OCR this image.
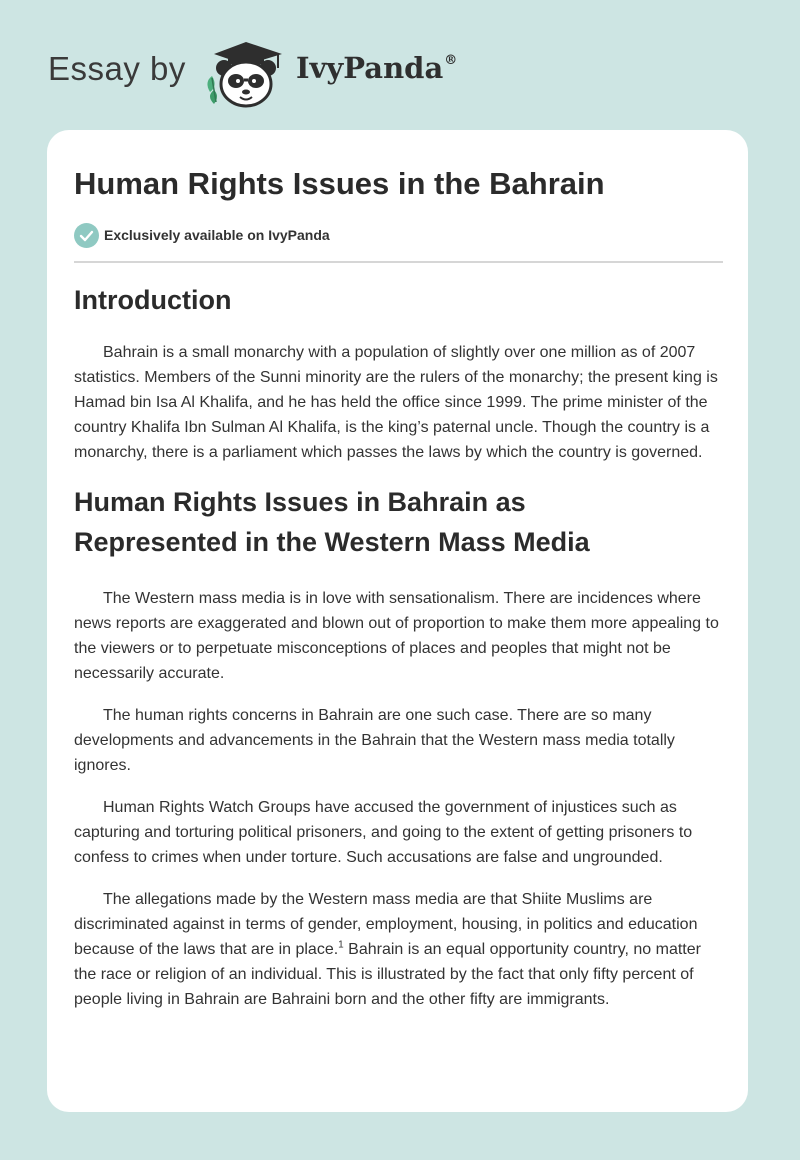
Essay by	IvyPanda®
Human Rights Issues in the Bahrain
Exclusively available on IvyPanda
Introduction

Bahrain is a small monarchy with a population of slightly over one million as of 2007 statistics. Members of the Sunni minority are the rulers of the monarchy; the present king is Hamad bin Isa Al Khalifa, and he has held the office since 1999. The prime minister of the country Khalifa Ibn Sulman Al Khalifa, is the king’s paternal uncle. Though the country is a monarchy, there is a parliament which passes the laws by which the country is governed.

Human Rights Issues in Bahrain as
Represented in the Western Mass Media

The Western mass media is in love with sensationalism. There are incidences where news reports are exaggerated and blown out of proportion to make them more appealing to the viewers or to perpetuate misconceptions of places and peoples that might not be necessarily accurate.

The human rights concerns in Bahrain are one such case. There are so many developments and advancements in the Bahrain that the Western mass media totally ignores.

Human Rights Watch Groups have accused the government of injustices such as capturing and torturing political prisoners, and going to the extent of getting prisoners to confess to crimes when under torture. Such accusations are false and ungrounded.

The allegations made by the Western mass media are that Shiite Muslims are discriminated against in terms of gender, employment, housing, in politics and education because of the laws that are in place.$^1$ Bahrain is an equal opportunity country, no matter the race or religion of an individual. This is illustrated by the fact that only fifty percent of people living in Bahrain are Bahraini born and the other fifty are immigrants.
